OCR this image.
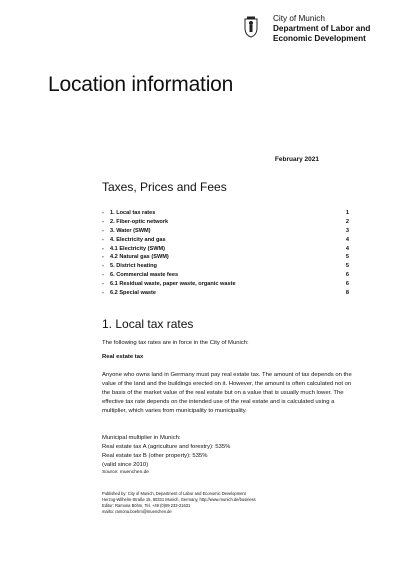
City of Munich
Department of Labor and
Economic Development
Location information
February 2021
Taxes, Prices and Fees
-	1. Local tax rates	1
-	2. Fiber-optic network	2
-	3. Water (SWM)	3
-	4. Electricity and gas	4
-	4.1 Electricity (SWM)	4
-	4.2 Natural gas (SWM)	5
-	5. District heating	5
-	6. Commercial waste fees	6
-	6.1 Residual waste, paper waste, organic waste	6
-	6.2 Special waste	8
1. Local tax rates
The following tax rates are in force in the City of Munich:
Real estate tax

Anyone who owns land in Germany must pay real estate tax. The amount of tax depends on the value of the land and the buildings erected on it. However, the amount is often calculated not on the basis of the market value of the real estate but on a value that is usually much lower. The effective tax rate depends on the intended use of the real estate and is calculated using a multiplier, which varies from municipality to municipality.

Municipal multiplier in Munich:
Real estate tax A (agriculture and forestry): 535%
Real estate tax B (other property): 535%
(valid since 2010)
Source: muenchen.de
Published by: City of Munich, Department of Labor and Economic Development
Herzog-Wilhelm-Straße 15, 80331 Munich, Germany, http://www.munich.de/business
Editor: Ramona Böhm, Tel. +49 (0)89 233-21631
mailto: ramona.boehm@muenchen.de
